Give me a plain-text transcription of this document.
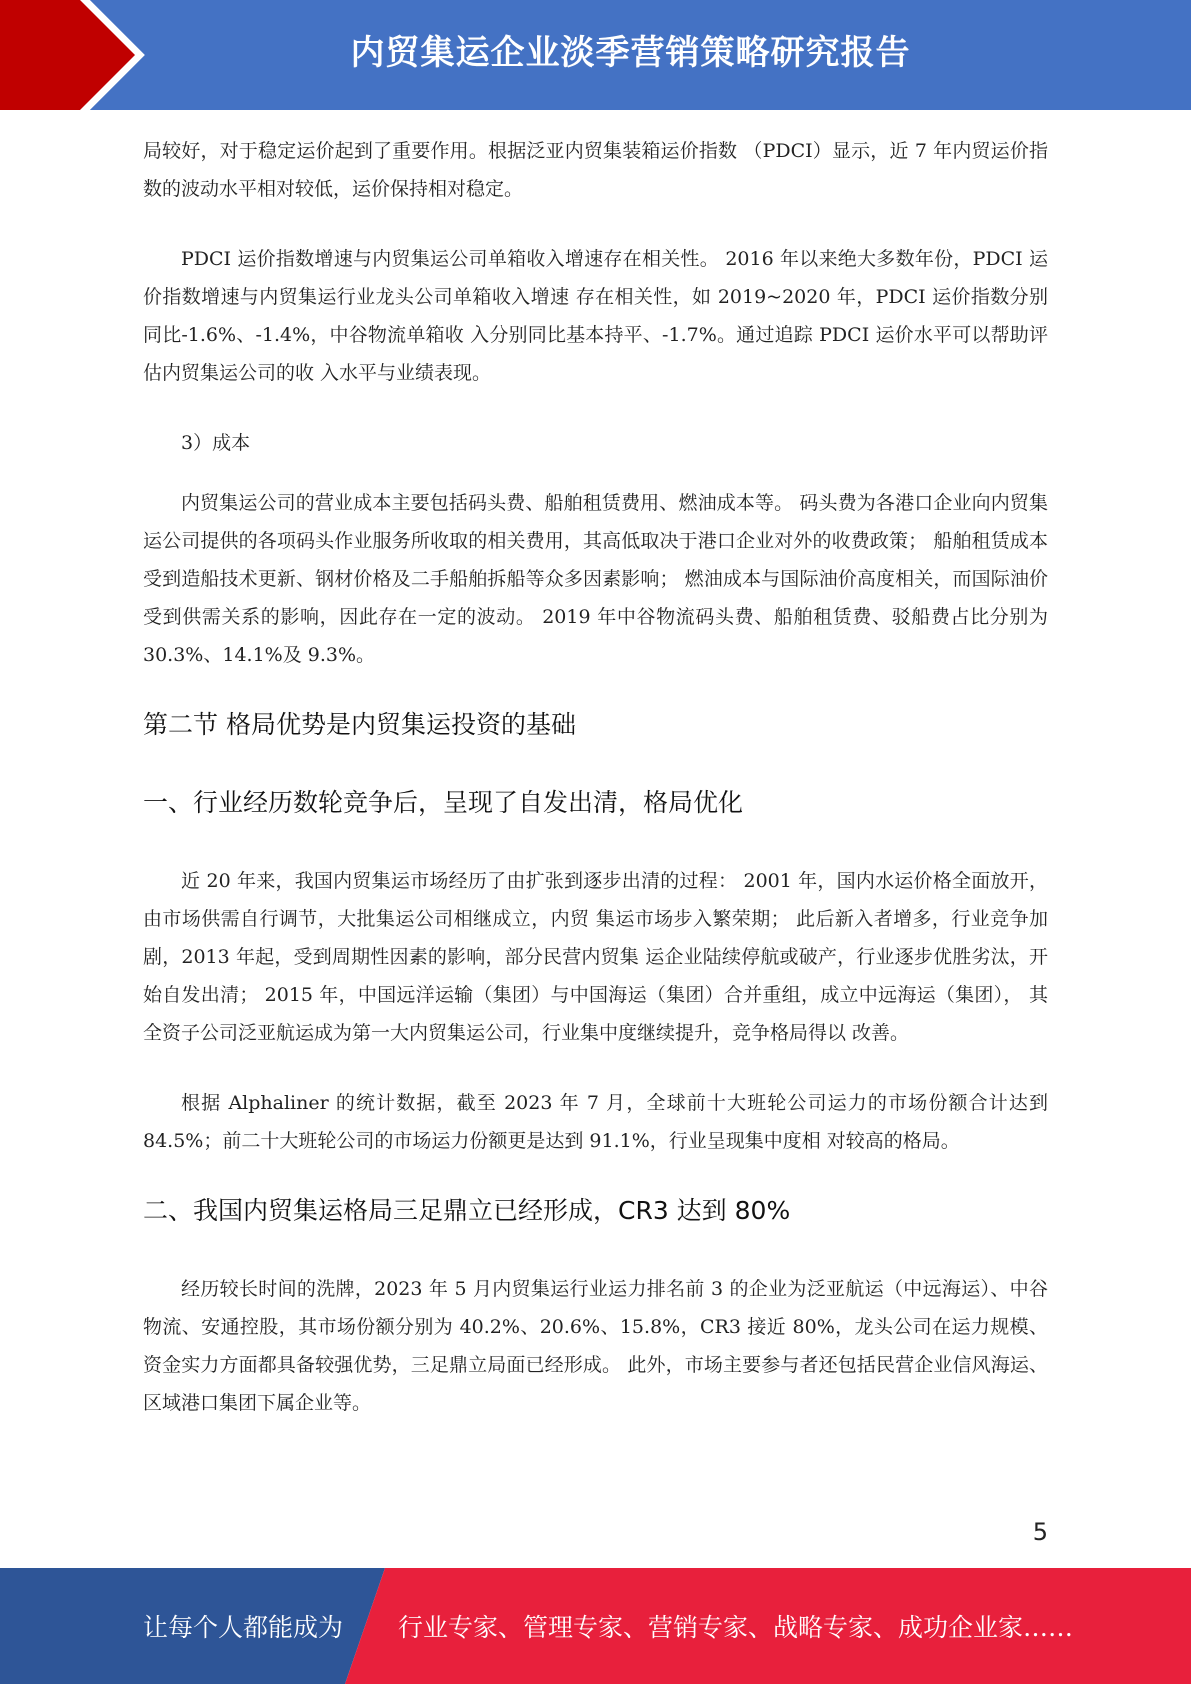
内贸集运企业淡季营销策略研究报告

局较好，对于稳定运价起到了重要作用。根据泛亚内贸集装箱运价指数 （PDCI）显示，近 7 年内贸运价指数的波动水平相对较低，运价保持相对稳定。

PDCI 运价指数增速与内贸集运公司单箱收入增速存在相关性。 2016 年以来绝大多数年份，PDCI 运价指数增速与内贸集运行业龙头公司单箱收入增速 存在相关性，如 2019~2020 年，PDCI 运价指数分别同比-1.6%、-1.4%，中谷物流单箱收 入分别同比基本持平、-1.7%。通过追踪 PDCI 运价水平可以帮助评估内贸集运公司的收 入水平与业绩表现。

3）成本

内贸集运公司的营业成本主要包括码头费、船舶租赁费用、燃油成本等。 码头费为各港口企业向内贸集运公司提供的各项码头作业服务所收取的相关费用，其高低取决于港口企业对外的收费政策； 船舶租赁成本受到造船技术更新、钢材价格及二手船舶拆船等众多因素影响； 燃油成本与国际油价高度相关，而国际油价受到供需关系的影响，因此存在一定的波动。 2019 年中谷物流码头费、船舶租赁费、驳船费占比分别为 30.3%、14.1%及 9.3%。

第二节 格局优势是内贸集运投资的基础
一、行业经历数轮竞争后，呈现了自发出清，格局优化

近 20 年来，我国内贸集运市场经历了由扩张到逐步出清的过程： 2001 年，国内水运价格全面放开，由市场供需自行调节，大批集运公司相继成立，内贸 集运市场步入繁荣期； 此后新入者增多，行业竞争加剧，2013 年起，受到周期性因素的影响，部分民营内贸集 运企业陆续停航或破产，行业逐步优胜劣汰，开始自发出清； 2015 年，中国远洋运输（集团）与中国海运（集团）合并重组，成立中远海运（集团）， 其全资子公司泛亚航运成为第一大内贸集运公司，行业集中度继续提升，竞争格局得以 改善。

根据 Alphaliner 的统计数据，截至 2023 年 7 月，全球前十大班轮公司运力的市场份额合计达到 84.5%；前二十大班轮公司的市场运力份额更是达到 91.1%，行业呈现集中度相 对较高的格局。

二、我国内贸集运格局三足鼎立已经形成，CR3 达到 80%

经历较长时间的洗牌，2023 年 5 月内贸集运行业运力排名前 3 的企业为泛亚航运（中远海运）、中谷物流、安通控股，其市场份额分别为 40.2%、20.6%、15.8%，CR3 接近 80%，龙头公司在运力规模、资金实力方面都具备较强优势，三足鼎立局面已经形成。 此外，市场主要参与者还包括民营企业信风海运、区域港口集团下属企业等。

5
让每个人都能成为 行业专家、管理专家、营销专家、战略专家、成功企业家……
